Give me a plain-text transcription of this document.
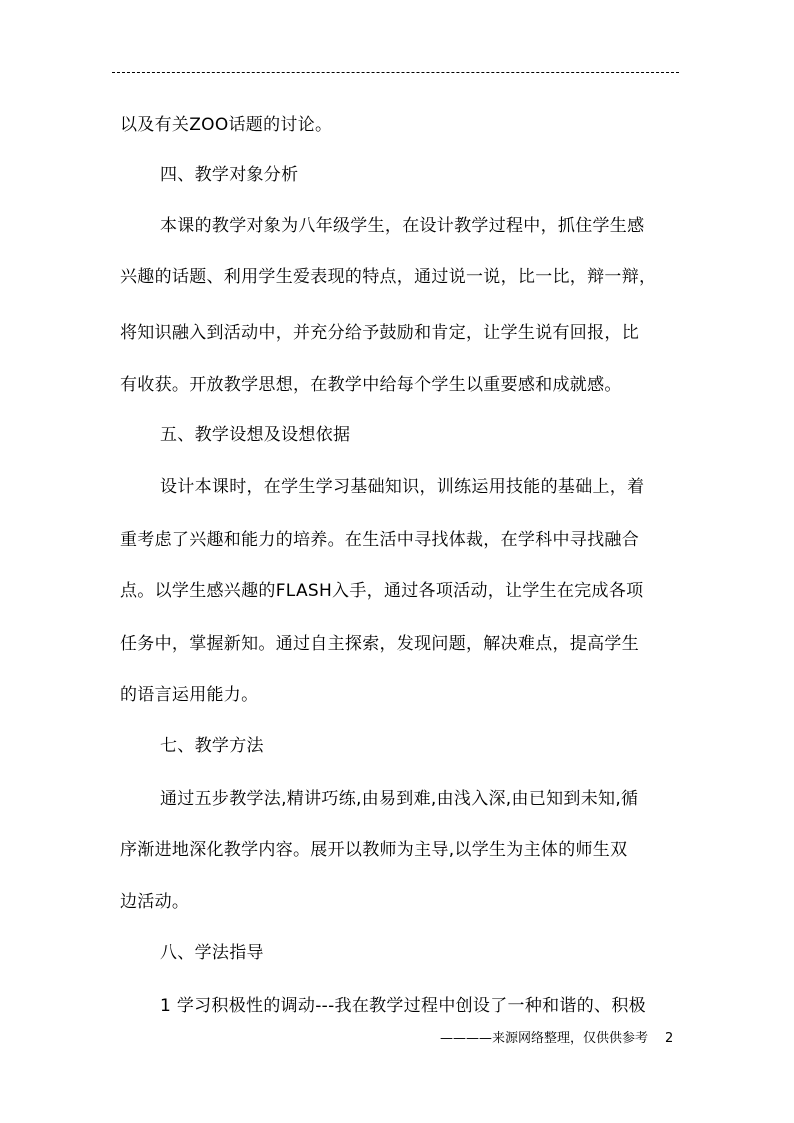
以及有关ZOO话题的讨论。
四、教学对象分析
本课的教学对象为八年级学生，在设计教学过程中，抓住学生感
兴趣的话题、利用学生爱表现的特点，通过说一说，比一比，辩一辩，
将知识融入到活动中，并充分给予鼓励和肯定，让学生说有回报，比
有收获。开放教学思想，在教学中给每个学生以重要感和成就感。
五、教学设想及设想依据
设计本课时，在学生学习基础知识，训练运用技能的基础上，着
重考虑了兴趣和能力的培养。在生活中寻找体裁，在学科中寻找融合
点。以学生感兴趣的FLASH入手，通过各项活动，让学生在完成各项
任务中，掌握新知。通过自主探索，发现问题，解决难点，提高学生
的语言运用能力。
七、教学方法
通过五步教学法,精讲巧练,由易到难,由浅入深,由已知到未知,循
序渐进地深化教学内容。展开以教师为主导,以学生为主体的师生双
边活动。
八、学法指导
1 学习积极性的调动---我在教学过程中创设了一种和谐的、积极
————来源网络整理，仅供供参考 2
